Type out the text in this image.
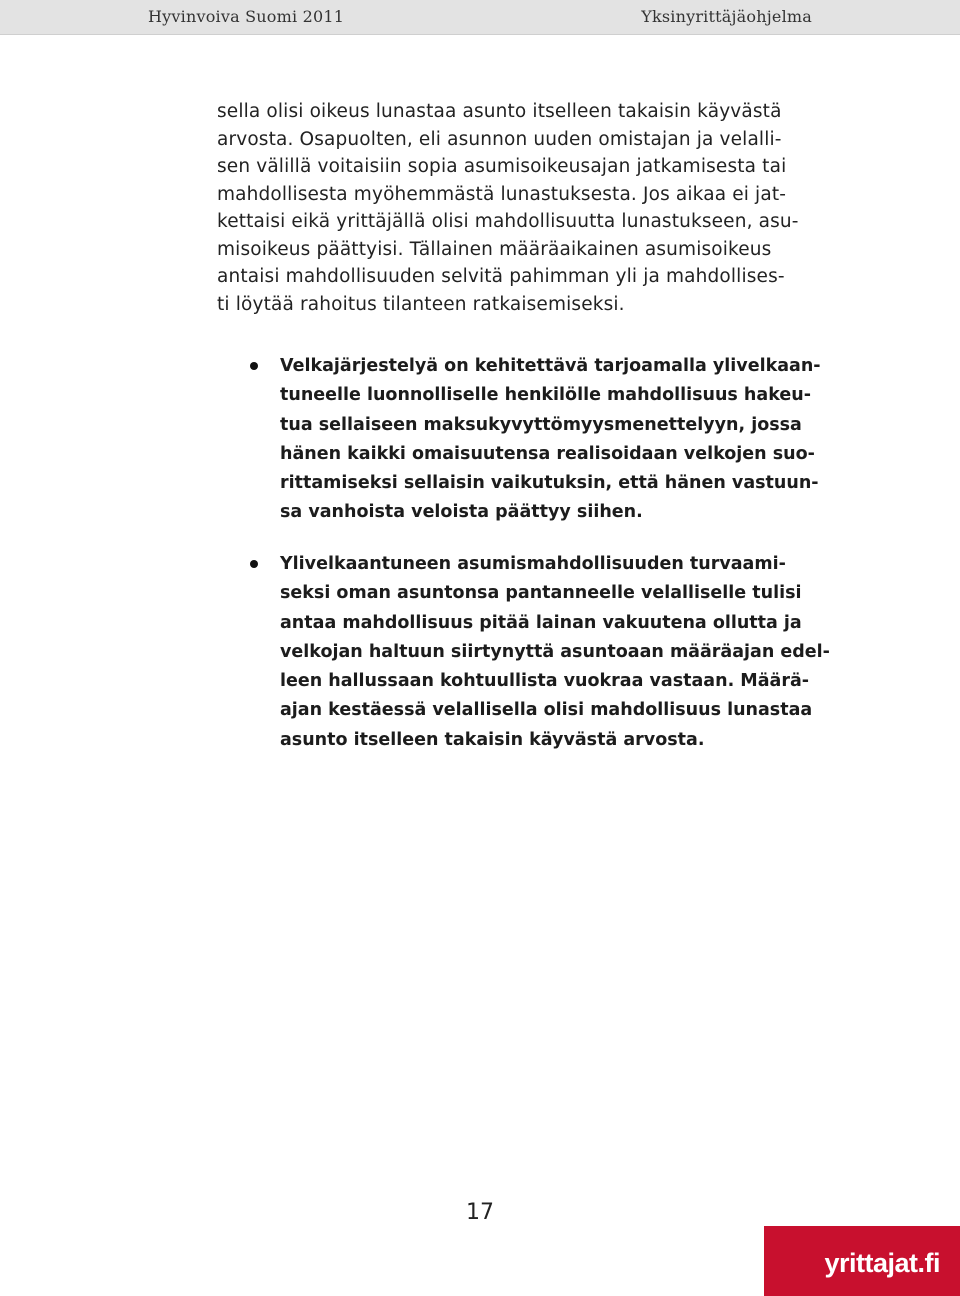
Hyvinvoiva Suomi 2011	Yksinyrittäjäohjelma

sella olisi oikeus lunastaa asunto itselleen takaisin käyvästä
arvosta. Osapuolten, eli asunnon uuden omistajan ja velalli-
sen välillä voitaisiin sopia asumisoikeusajan jatkamisesta tai
mahdollisesta myöhemmästä lunastuksesta. Jos aikaa ei jat-
kettaisi eikä yrittäjällä olisi mahdollisuutta lunastukseen, asu-
misoikeus päättyisi. Tällainen määräaikainen asumisoikeus
antaisi mahdollisuuden selvitä pahimman yli ja mahdollises-
ti löytää rahoitus tilanteen ratkaisemiseksi.

Velkajärjestelyä on kehitettävä tarjoamalla ylivelkaan-
tuneelle luonnolliselle henkilölle mahdollisuus hakeu-
tua sellaiseen maksukyvyttömyysmenettelyyn, jossa
hänen kaikki omaisuutensa realisoidaan velkojen suo-
rittamiseksi sellaisin vaikutuksin, että hänen vastuun-
sa vanhoista veloista päättyy siihen.
Ylivelkaantuneen asumismahdollisuuden turvaami-
seksi oman asuntonsa pantanneelle velalliselle tulisi
antaa mahdollisuus pitää lainan vakuutena ollutta ja
velkojan haltuun siirtynyttä asuntoaan määräajan edel-
leen hallussaan kohtuullista vuokraa vastaan. Määrä-
ajan kestäessä velallisella olisi mahdollisuus lunastaa
asunto itselleen takaisin käyvästä arvosta.
17
yrittajat.fi
